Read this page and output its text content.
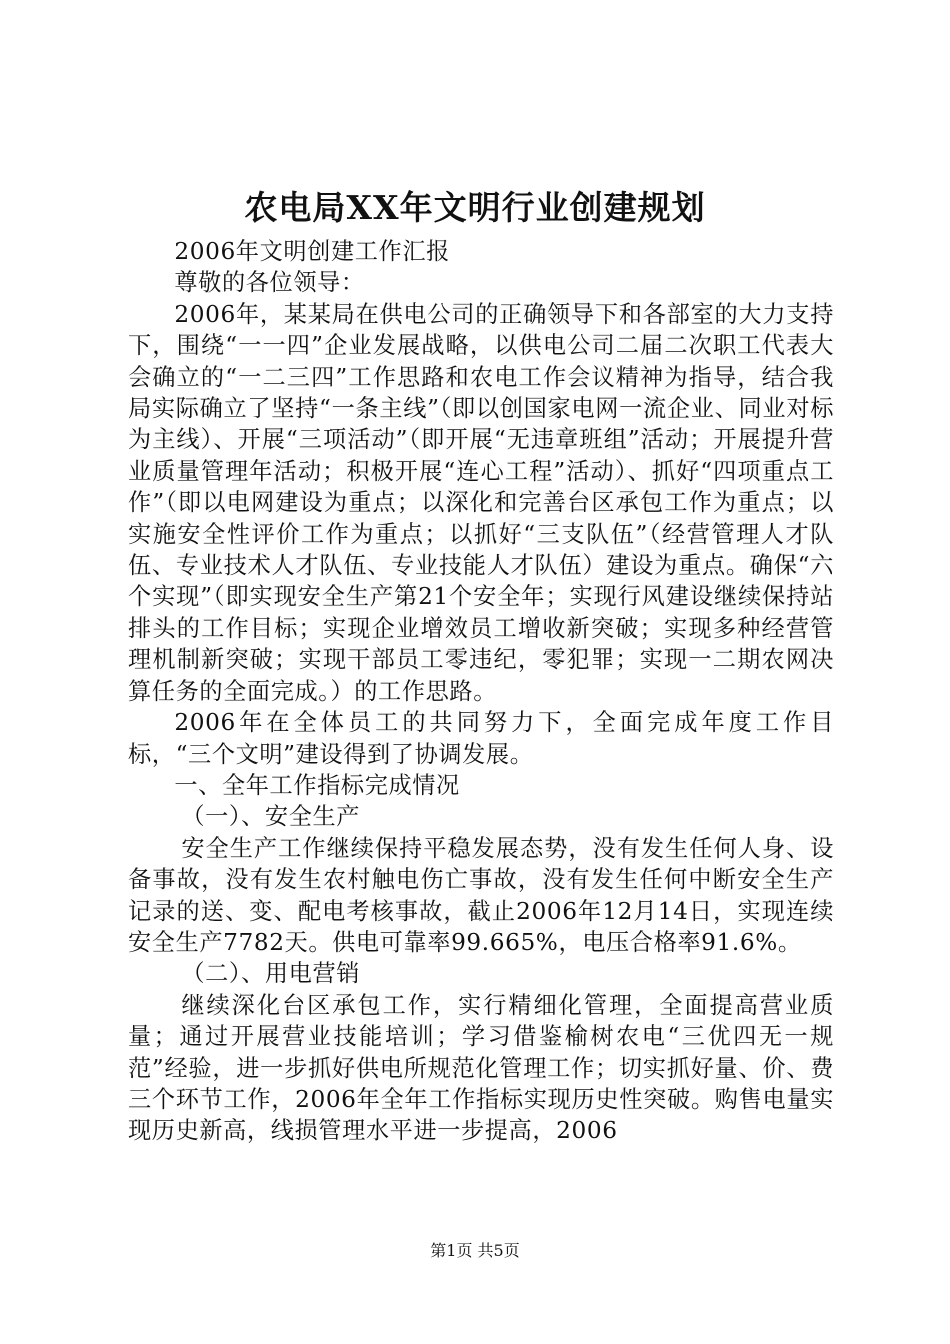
农电局XX年文明行业创建规划

2006年文明创建工作汇报

尊敬的各位领导：

2006年，某某局在供电公司的正确领导下和各部室的大力支持下，围绕“一一四”企业发展战略，以供电公司二届二次职工代表大会确立的“一二三四”工作思路和农电工作会议精神为指导，结合我局实际确立了坚持“一条主线”（即以创国家电网一流企业、同业对标为主线）、开展“三项活动”（即开展“无违章班组”活动；开展提升营业质量管理年活动；积极开展“连心工程”活动）、抓好“四项重点工作”（即以电网建设为重点；以深化和完善台区承包工作为重点；以实施安全性评价工作为重点；以抓好“三支队伍”（经营管理人才队伍、专业技术人才队伍、专业技能人才队伍）建设为重点。确保“六个实现”（即实现安全生产第21个安全年；实现行风建设继续保持站排头的工作目标；实现企业增效员工增收新突破；实现多种经营管理机制新突破；实现干部员工零违纪，零犯罪；实现一二期农网决算任务的全面完成。）的工作思路。

2006年在全体员工的共同努力下，全面完成年度工作目标，“三个文明”建设得到了协调发展。

一、全年工作指标完成情况

（一）、安全生产

安全生产工作继续保持平稳发展态势，没有发生任何人身、设备事故，没有发生农村触电伤亡事故，没有发生任何中断安全生产记录的送、变、配电考核事故，截止2006年12月14日，实现连续安全生产7782天。供电可靠率99.665%，电压合格率91.6%。

（二）、用电营销

继续深化台区承包工作，实行精细化管理，全面提高营业质量；通过开展营业技能培训；学习借鉴榆树农电“三优四无一规范”经验，进一步抓好供电所规范化管理工作；切实抓好量、价、费三个环节工作，2006年全年工作指标实现历史性突破。购售电量实现历史新高，线损管理水平进一步提高，2006

第1页 共5页
